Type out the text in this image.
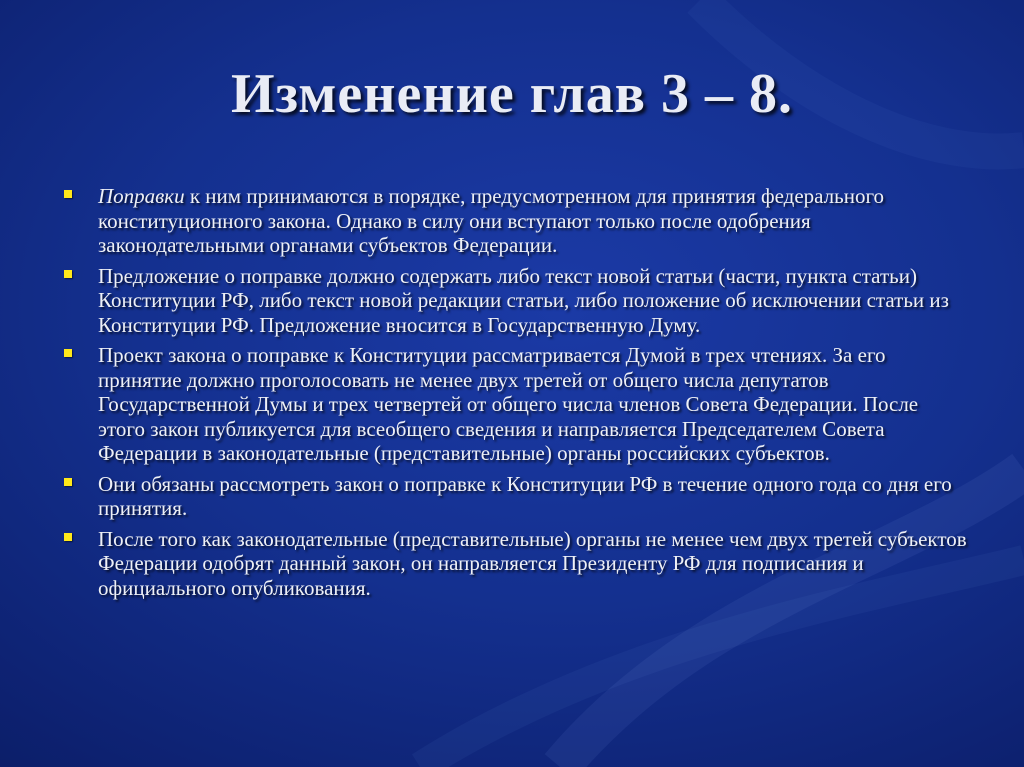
Изменение глав 3 – 8.
Поправки к ним принимаются в порядке, предусмотренном для принятия федерального конституционного закона. Однако в силу они вступают только после одобрения законодательными органами субъектов Федерации.
Предложение о поправке должно содержать либо текст новой статьи (части, пункта статьи) Конституции РФ, либо текст новой редакции статьи, либо положение об исключении статьи из Конституции РФ. Предложение вносится в Государственную Думу.
Проект закона о поправке к Конституции рассматривается Думой в трех чтениях. За его принятие должно проголосовать не менее двух третей от общего числа депутатов Государственной Думы и трех четвертей от общего числа членов Совета Федерации. После этого закон публикуется для всеобщего сведения и направляется Председателем Совета Федерации в законодательные (представительные) органы российских субъектов.
Они обязаны рассмотреть закон о поправке к Конституции РФ в течение одного года со дня его принятия.
После того как законодательные (представительные) органы не менее чем двух третей субъектов Федерации одобрят данный закон, он направляется Президенту РФ для подписания и официального опубликования.
